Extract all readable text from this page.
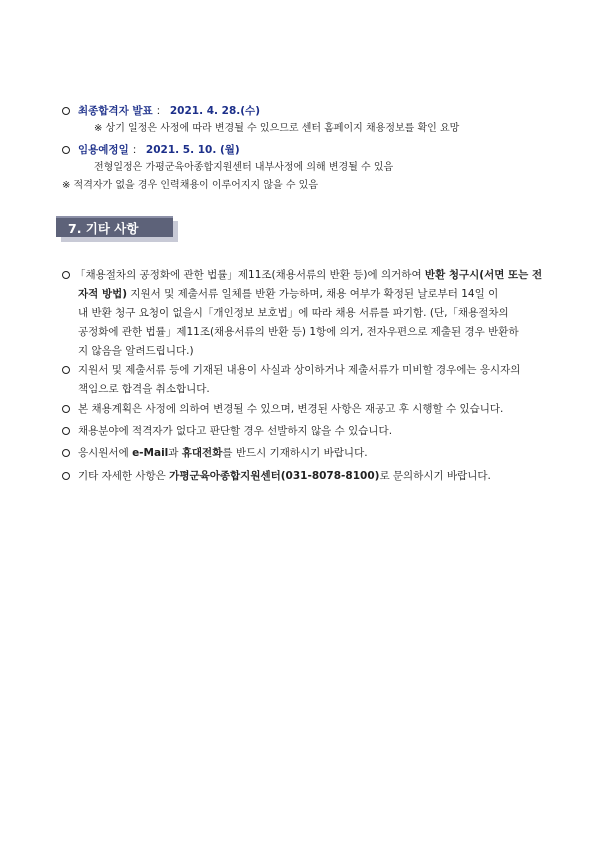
최종합격자 발표 ： 2021. 4. 28.(수)
※ 상기 일정은 사정에 따라 변경될 수 있으므로 센터 홈페이지 채용정보를 확인 요망
임용예정일 ： 2021. 5. 10. (월)
전형일정은 가평군육아종합지원센터 내부사정에 의해 변경될 수 있음
※ 적격자가 없을 경우 인력채용이 이루어지지 않을 수 있음
7. 기타 사항
「채용절차의 공정화에 관한 법률」제11조(채용서류의 반환 등)에 의거하여 반환 청구시(서면 또는 전
자적 방법) 지원서 및 제출서류 일체를 반환 가능하며, 채용 여부가 확정된 날로부터 14일 이
내 반환 청구 요청이 없을시「개인정보 보호법」에 따라 채용 서류를 파기함. (단,「채용절차의
공정화에 관한 법률」제11조(채용서류의 반환 등) 1항에 의거, 전자우편으로 제출된 경우 반환하
지 않음을 알려드립니다.)
지원서 및 제출서류 등에 기재된 내용이 사실과 상이하거나 제출서류가 미비할 경우에는 응시자의
책임으로 합격을 취소합니다.
본 채용계획은 사정에 의하여 변경될 수 있으며, 변경된 사항은 재공고 후 시행할 수 있습니다.
채용분야에 적격자가 없다고 판단할 경우 선발하지 않을 수 있습니다.
응시원서에 e-Mail과 휴대전화를 반드시 기재하시기 바랍니다.
기타 자세한 사항은 가평군육아종합지원센터(031-8078-8100)로 문의하시기 바랍니다.
